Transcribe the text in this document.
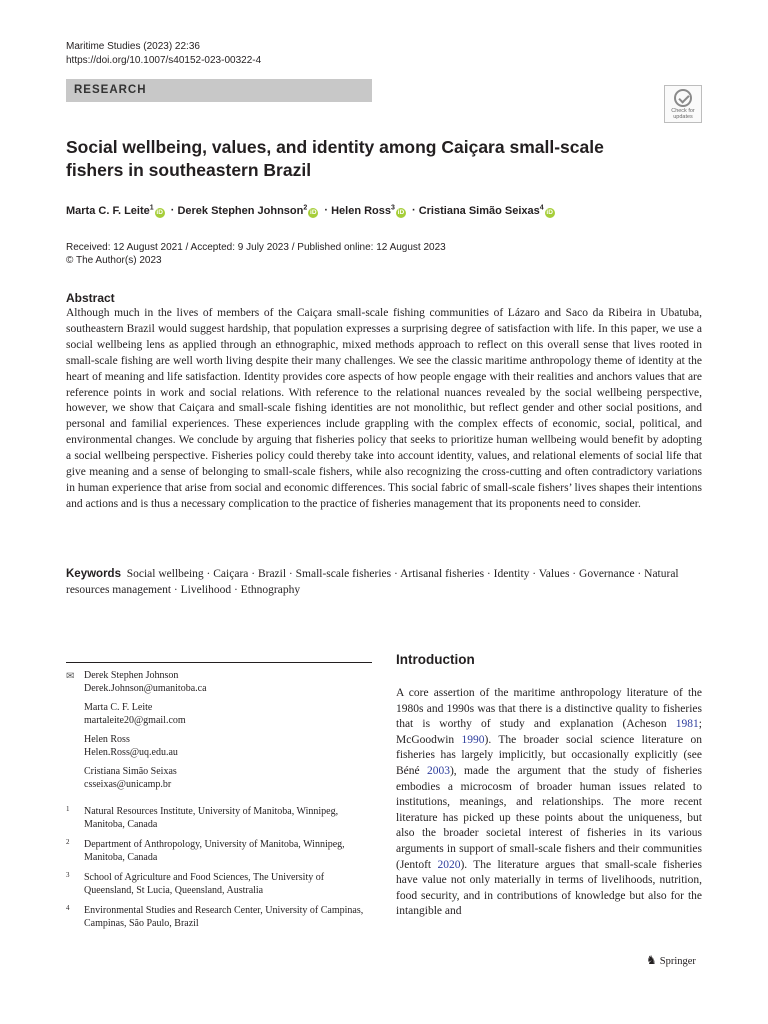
Maritime Studies (2023) 22:36
https://doi.org/10.1007/s40152-023-00322-4
RESEARCH
Check for
updates
Social wellbeing, values, and identity among Caiçara small-scale fishers in southeastern Brazil
Marta C. F. Leite$^1$iD · Derek Stephen Johnson$^2$iD · Helen Ross$^3$iD · Cristiana Simão Seixas$^4$iD
Received: 12 August 2021 / Accepted: 9 July 2023 / Published online: 12 August 2023
© The Author(s) 2023
Abstract
Although much in the lives of members of the Caiçara small-scale fishing communities of Lázaro and Saco da Ribeira in Ubatuba, southeastern Brazil would suggest hardship, that population expresses a surprising degree of satisfaction with life. In this paper, we use a social wellbeing lens as applied through an ethnographic, mixed methods approach to reflect on this overall sense that lives rooted in small-scale fishing are well worth living despite their many challenges. We see the classic maritime anthropology theme of identity at the heart of meaning and life satisfaction. Identity provides core aspects of how people engage with their realities and anchors values that are reference points in work and social relations. With reference to the relational nuances revealed by the social wellbeing perspective, however, we show that Caiçara and small-scale fishing identities are not monolithic, but reflect gender and other social positions, and personal and familial experiences. These experiences include grappling with the complex effects of economic, social, political, and environmental changes. We conclude by arguing that fisheries policy that seeks to prioritize human wellbeing would benefit by adopting a social wellbeing perspective. Fisheries policy could thereby take into account identity, values, and relational elements of social life that give meaning and a sense of belonging to small-scale fishers, while also recognizing the cross-cutting and often contradictory variations in human experience that arise from social and economic differences. This social fabric of small-scale fishers’ lives shapes their intentions and actions and is thus a necessary complication to the practice of fisheries management that its proponents need to consider.
Keywords Social wellbeing · Caiçara · Brazil · Small-scale fisheries · Artisanal fisheries · Identity · Values · Governance · Natural resources management · Livelihood · Ethnography
✉ Derek Stephen Johnson
Derek.Johnson@umanitoba.ca
Marta C. F. Leite
martaleite20@gmail.com
Helen Ross
Helen.Ross@uq.edu.au
Cristiana Simão Seixas
csseixas@unicamp.br
1 Natural Resources Institute, University of Manitoba, Winnipeg, Manitoba, Canada
2 Department of Anthropology, University of Manitoba, Winnipeg, Manitoba, Canada
3 School of Agriculture and Food Sciences, The University of Queensland, St Lucia, Queensland, Australia
4 Environmental Studies and Research Center, University of Campinas, Campinas, São Paulo, Brazil
Introduction
A core assertion of the maritime anthropology literature of the 1980s and 1990s was that there is a distinctive quality to fisheries that is worthy of study and explanation (Acheson 1981; McGoodwin 1990). The broader social science literature on fisheries has largely implicitly, but occasionally explicitly (see Béné 2003), made the argument that the study of fisheries embodies a microcosm of broader human issues related to institutions, meanings, and relationships. The more recent literature has picked up these points about the uniqueness, but also the broader societal interest of fisheries in its various arguments in support of small-scale fishers and their communities (Jentoft 2020). The literature argues that small-scale fisheries have value not only materially in terms of livelihoods, nutrition, food security, and in contributions of knowledge but also for the intangible and
♞ Springer
